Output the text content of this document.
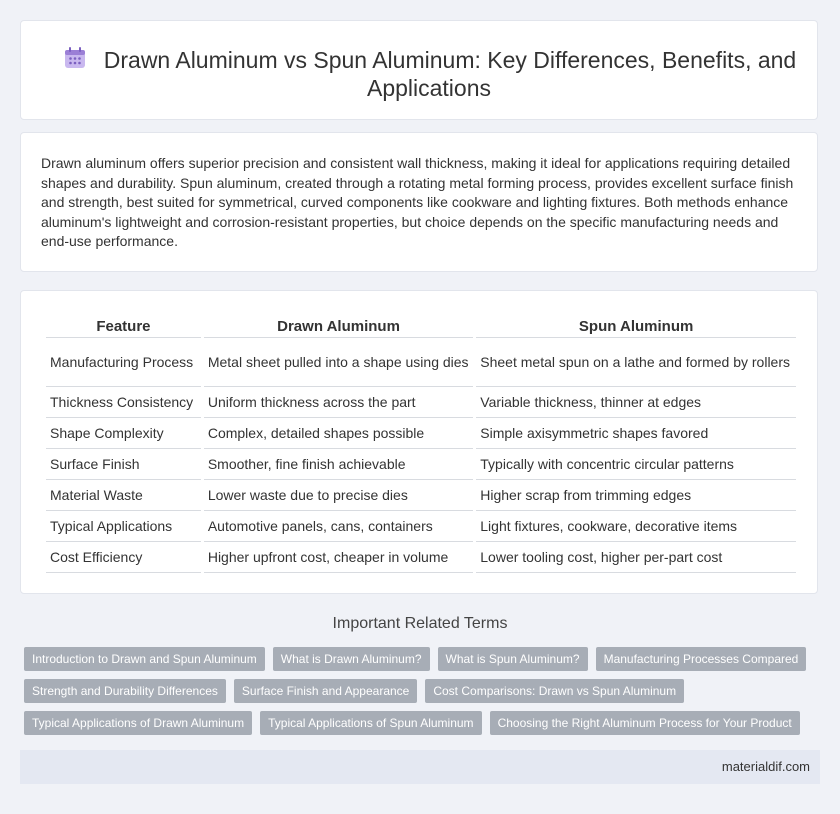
Drawn Aluminum vs Spun Aluminum: Key Differences, Benefits, and Applications

Drawn aluminum offers superior precision and consistent wall thickness, making it ideal for applications requiring detailed shapes and durability. Spun aluminum, created through a rotating metal forming process, provides excellent surface finish and strength, best suited for symmetrical, curved components like cookware and lighting fixtures. Both methods enhance aluminum's lightweight and corrosion-resistant properties, but choice depends on the specific manufacturing needs and end-use performance.

Feature	Drawn Aluminum	Spun Aluminum
Manufacturing Process	Metal sheet pulled into a shape using dies	Sheet metal spun on a lathe and formed by rollers
Thickness Consistency	Uniform thickness across the part	Variable thickness, thinner at edges
Shape Complexity	Complex, detailed shapes possible	Simple axisymmetric shapes favored
Surface Finish	Smoother, fine finish achievable	Typically with concentric circular patterns
Material Waste	Lower waste due to precise dies	Higher scrap from trimming edges
Typical Applications	Automotive panels, cans, containers	Light fixtures, cookware, decorative items
Cost Efficiency	Higher upfront cost, cheaper in volume	Lower tooling cost, higher per-part cost
Important Related Terms
Introduction to Drawn and Spun Aluminum	What is Drawn Aluminum?	What is Spun Aluminum?	Manufacturing Processes Compared
Strength and Durability Differences	Surface Finish and Appearance	Cost Comparisons: Drawn vs Spun Aluminum
Typical Applications of Drawn Aluminum	Typical Applications of Spun Aluminum	Choosing the Right Aluminum Process for Your Product
materialdif.com
